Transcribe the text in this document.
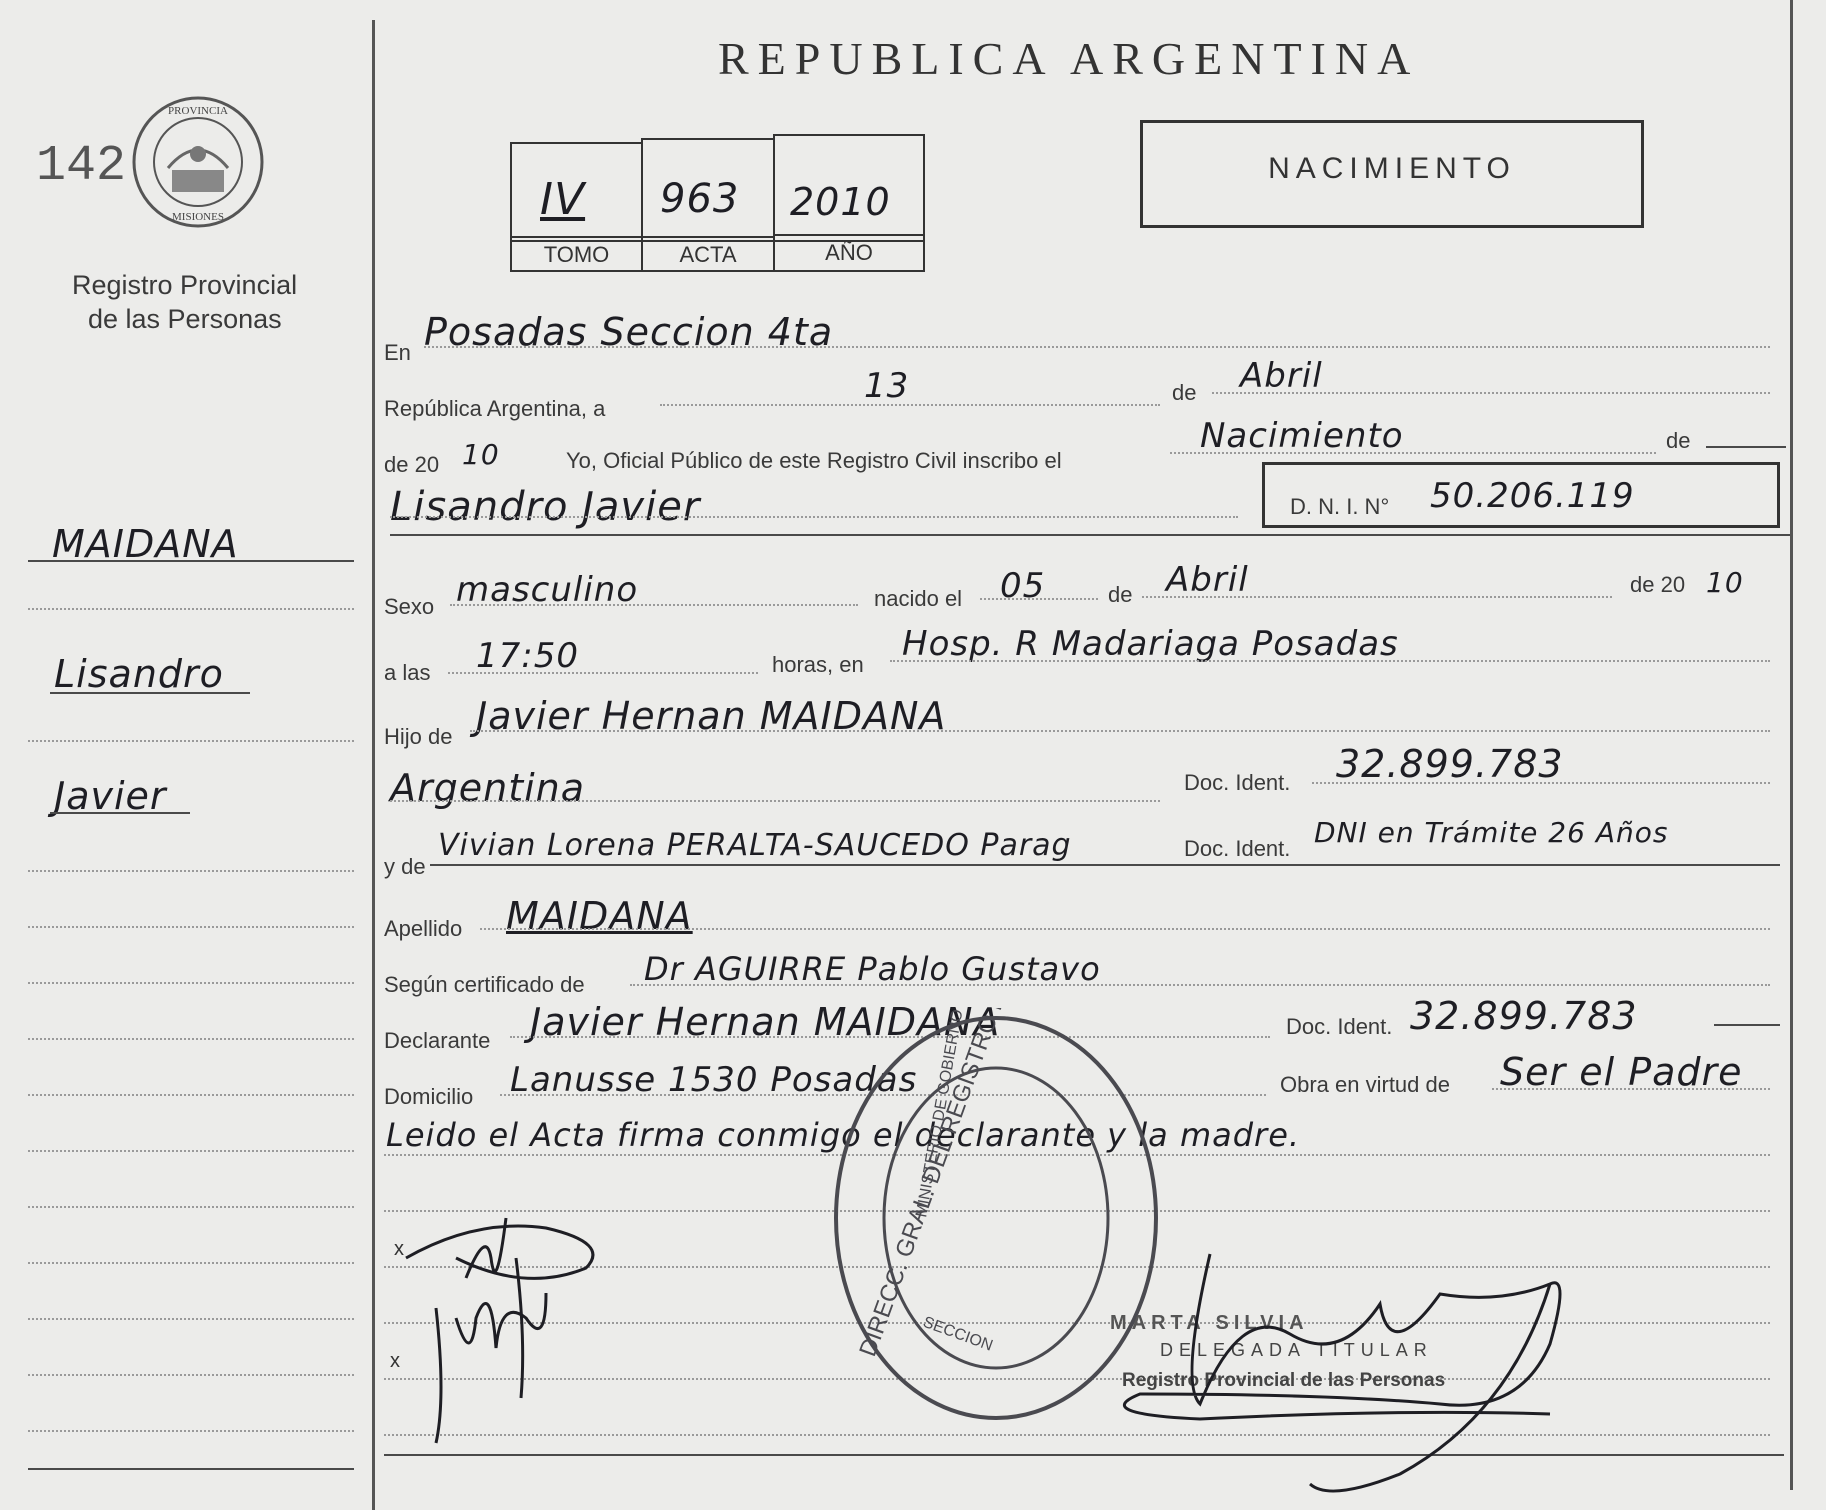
142
PROVINCIA
MISIONES
Registro Provincial
de las Personas
MAIDANA
Lisandro
Javier
REPUBLICA ARGENTINA
IV 963 2010
TOMO	ACTA	AÑO
NACIMIENTO
En Posadas Seccion 4ta
República Argentina, a
13	de Abril
de 20 10	Yo, Oficial Público de este Registro Civil inscribo el
Nacimiento	de
Lisandro Javier	D. N. I. N° 50.206.119
Sexo masculino	nacido el 05	de Abril	de 20 10
a las 17:50	horas, en
Hosp. R Madariaga Posadas
Hijo de Javier Hernan MAIDANA
Argentina	Doc. Ident. 32.899.783
y de
Vivian Lorena PERALTA-SAUCEDO Parag	Doc. Ident. DNI en Trámite 26 Años
Apellido MAIDANA
Según certificado de Dr AGUIRRE Pablo Gustavo
Declarante Javier Hernan MAIDANA	Doc. Ident. 32.899.783
Domicilio Lanusse 1530 Posadas	Obra en virtud de Ser el Padre
Leido el Acta firma conmigo el declarante y la madre.
MINISTERIO DE GOBIERNO
SECCION	MARTA SILVIA
DELEGADA TITULAR
Registro Provincial de las Personas
x
x
